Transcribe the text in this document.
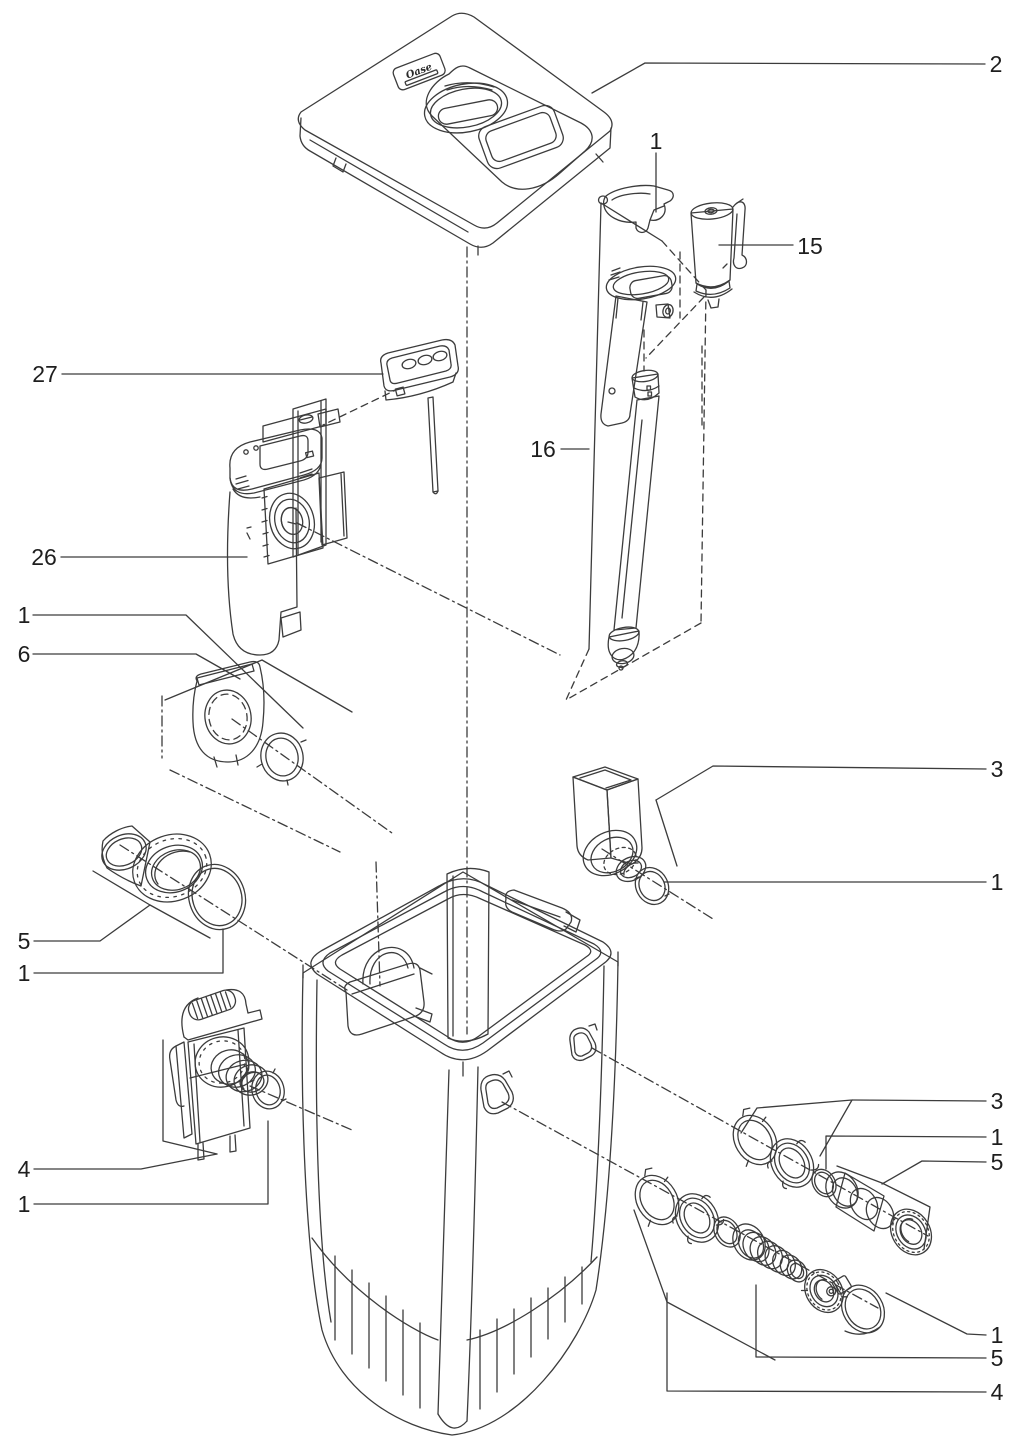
Oase	2
1
15
27
16
26
1
6
5
1
4
1
3
1
3
1
5
1
5
4
